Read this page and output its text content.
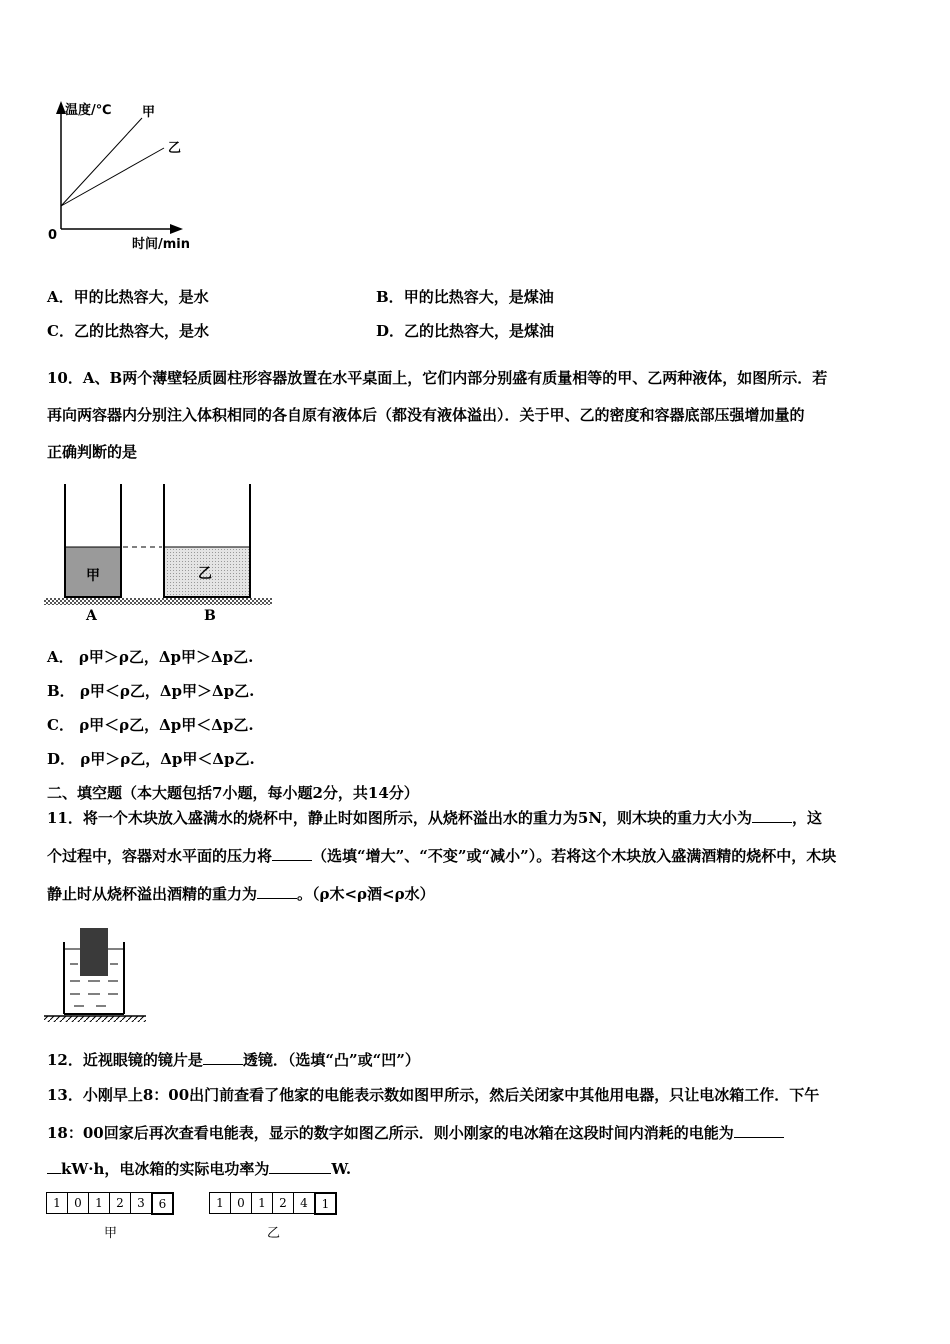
温度/℃
时间/min
0
甲
乙
A．甲的比热容大，是水	B．甲的比热容大，是煤油
C．乙的比热容大，是水	D．乙的比热容大，是煤油
10．A、B两个薄壁轻质圆柱形容器放置在水平桌面上，它们内部分别盛有质量相等的甲、乙两种液体，如图所示．若
再向两容器内分别注入体积相同的各自原有液体后（都没有液体溢出）．关于甲、乙的密度和容器底部压强增加量的
正确判断的是
甲	乙
A	B
A． ρ甲＞ρ乙，Δp甲＞Δp乙.
B． ρ甲＜ρ乙，Δp甲＞Δp乙.
C． ρ甲＜ρ乙，Δp甲＜Δp乙.
D． ρ甲＞ρ乙，Δp甲＜Δp乙.
二、填空题（本大题包括7小题，每小题2分，共14分）
11．将一个木块放入盛满水的烧杯中，静止时如图所示，从烧杯溢出水的重力为5N，则木块的重力大小为	，这
个过程中，容器对水平面的压力将	（选填“增大”、“不变”或“减小”）。若将这个木块放入盛满酒精的烧杯中，木块
静止时从烧杯溢出酒精的重力为	。（ρ木<ρ酒<ρ水）
12．近视眼镜的镜片是	透镜．（选填“凸”或“凹”）
13．小刚早上8：00出门前查看了他家的电能表示数如图甲所示，然后关闭家中其他用电器，只让电冰箱工作．下午
18：00回家后再次查看电能表，显示的数字如图乙所示．则小刚家的电冰箱在这段时间内消耗的电能为
kW·h，电冰箱的实际电功率为	W.
1	0	1	2	3	6
甲
1	0	1	2	4	1
乙
